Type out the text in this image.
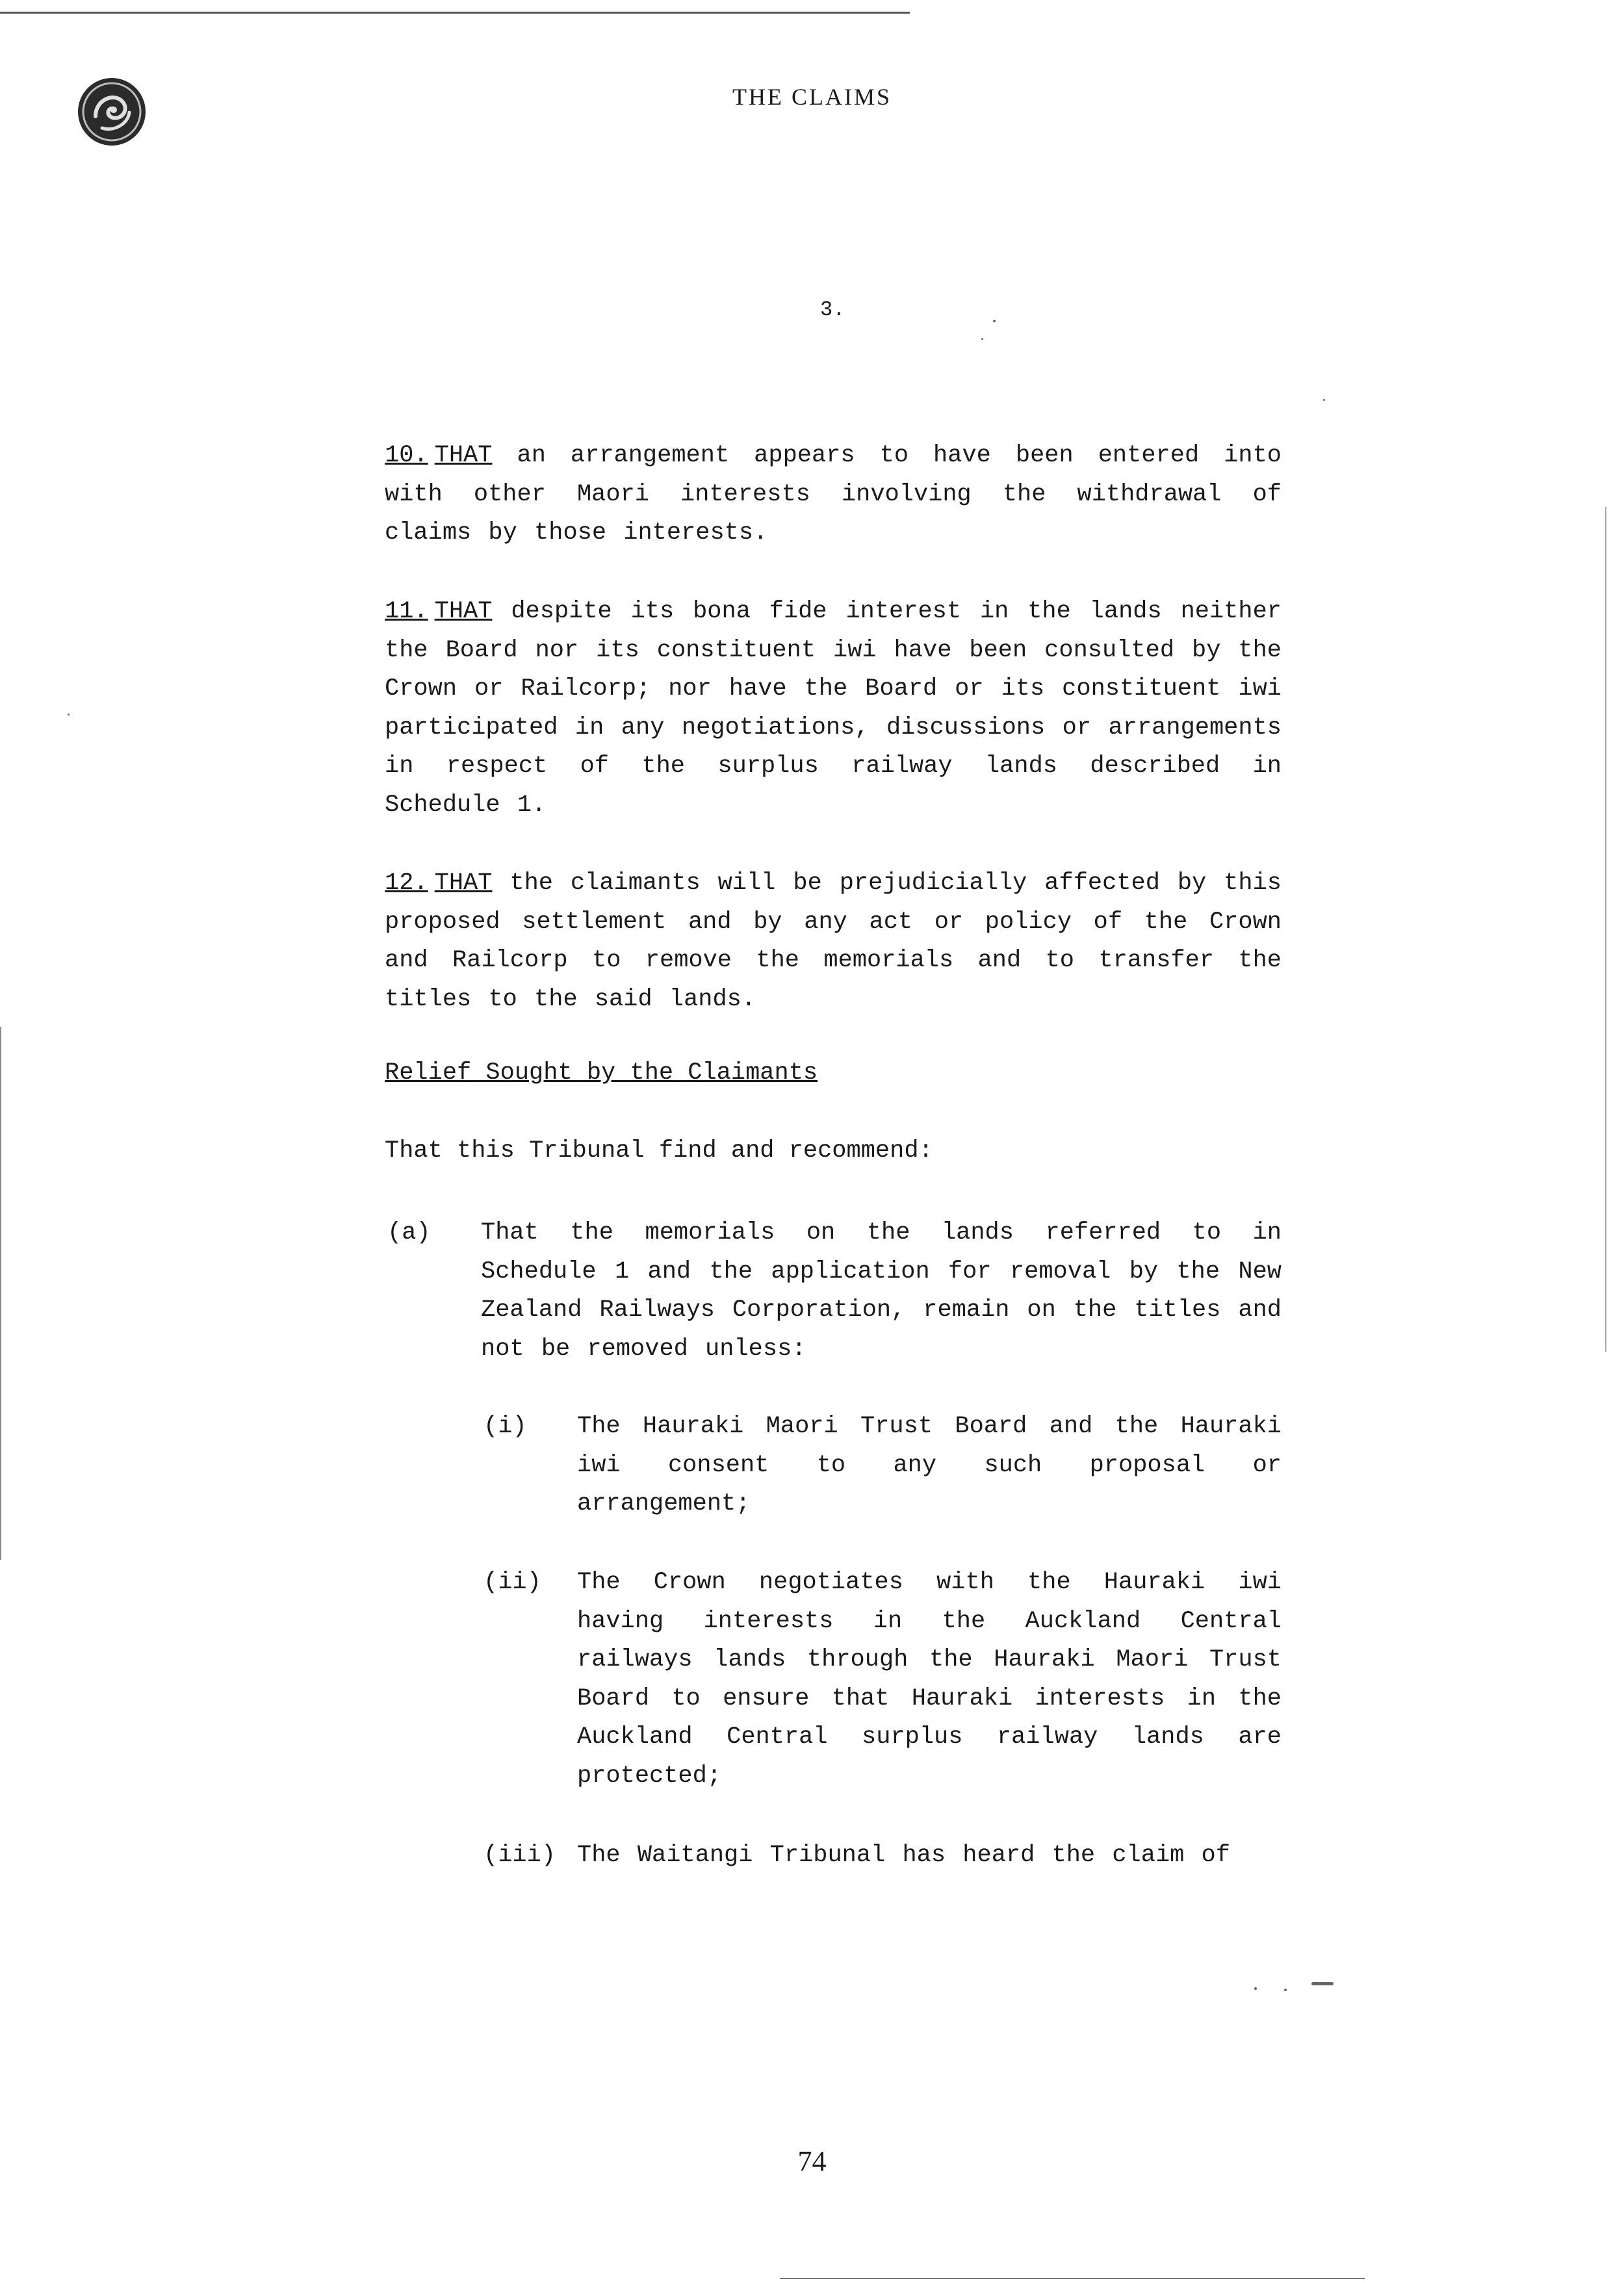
THE CLAIMS
3.
10. THAT an arrangement appears to have been entered into with other Maori interests involving the withdrawal of claims by those interests.
11. THAT despite its bona fide interest in the lands neither the Board nor its constituent iwi have been consulted by the Crown or Railcorp; nor have the Board or its constituent iwi participated in any negotiations, discussions or arrangements in respect of the surplus railway lands described in Schedule 1.
12. THAT the claimants will be prejudicially affected by this proposed settlement and by any act or policy of the Crown and Railcorp to remove the memorials and to transfer the titles to the said lands.
Relief Sought by the Claimants
That this Tribunal find and recommend:
(a) That the memorials on the lands referred to in Schedule 1 and the application for removal by the New Zealand Railways Corporation, remain on the titles and not be removed unless:
(i) The Hauraki Maori Trust Board and the Hauraki iwi consent to any such proposal or arrangement;
(ii) The Crown negotiates with the Hauraki iwi having interests in the Auckland Central railways lands through the Hauraki Maori Trust Board to ensure that Hauraki interests in the Auckland Central surplus railway lands are protected;
(iii) The Waitangi Tribunal has heard the claim of
74
